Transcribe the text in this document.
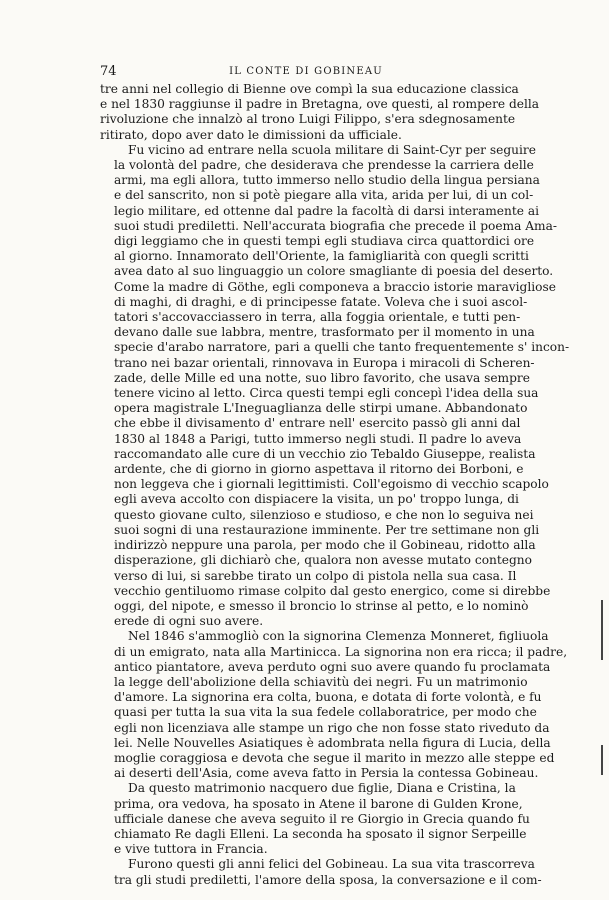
74	IL CONTE DI GOBINEAU

tre anni nel collegio di Bienne ove compì la sua educazione classica
e nel 1830 raggiunse il padre in Bretagna, ove questi, al rompere della
rivoluzione che innalzò al trono Luigi Filippo, s'era sdegnosamente
ritirato, dopo aver dato le dimissioni da ufficiale.

Fu vicino ad entrare nella scuola militare di Saint-Cyr per seguire
la volontà del padre, che desiderava che prendesse la carriera delle
armi, ma egli allora, tutto immerso nello studio della lingua persiana
e del sanscrito, non si potè piegare alla vita, arida per lui, di un col-
legio militare, ed ottenne dal padre la facoltà di darsi interamente ai
suoi studi prediletti. Nell'accurata biografia che precede il poema Ama-
digi leggiamo che in questi tempi egli studiava circa quattordici ore
al giorno. Innamorato dell'Oriente, la famigliarità con quegli scritti
avea dato al suo linguaggio un colore smagliante di poesia del deserto.
Come la madre di Göthe, egli componeva a braccio istorie maravigliose
di maghi, di draghi, e di principesse fatate. Voleva che i suoi ascol-
tatori s'accovacciassero in terra, alla foggia orientale, e tutti pen-
devano dalle sue labbra, mentre, trasformato per il momento in una
specie d'arabo narratore, pari a quelli che tanto frequentemente s' incon-
trano nei bazar orientali, rinnovava in Europa i miracoli di Scheren-
zade, delle Mille ed una notte, suo libro favorito, che usava sempre
tenere vicino al letto. Circa questi tempi egli concepì l'idea della sua
opera magistrale L'Ineguaglianza delle stirpi umane. Abbandonato
che ebbe il divisamento d' entrare nell' esercito passò gli anni dal
1830 al 1848 a Parigi, tutto immerso negli studi. Il padre lo aveva
raccomandato alle cure di un vecchio zio Tebaldo Giuseppe, realista
ardente, che di giorno in giorno aspettava il ritorno dei Borboni, e
non leggeva che i giornali legittimisti. Coll'egoismo di vecchio scapolo
egli aveva accolto con dispiacere la visita, un po' troppo lunga, di
questo giovane culto, silenzioso e studioso, e che non lo seguiva nei
suoi sogni di una restaurazione imminente. Per tre settimane non gli
indirizzò neppure una parola, per modo che il Gobineau, ridotto alla
disperazione, gli dichiarò che, qualora non avesse mutato contegno
verso di lui, si sarebbe tirato un colpo di pistola nella sua casa. Il
vecchio gentiluomo rimase colpito dal gesto energico, come si direbbe
oggi, del nipote, e smesso il broncio lo strinse al petto, e lo nominò
erede di ogni suo avere.

Nel 1846 s'ammogliò con la signorina Clemenza Monneret, figliuola
di un emigrato, nata alla Martinicca. La signorina non era ricca; il padre,
antico piantatore, aveva perduto ogni suo avere quando fu proclamata
la legge dell'abolizione della schiavitù dei negri. Fu un matrimonio
d'amore. La signorina era colta, buona, e dotata di forte volontà, e fu
quasi per tutta la sua vita la sua fedele collaboratrice, per modo che
egli non licenziava alle stampe un rigo che non fosse stato riveduto da
lei. Nelle Nouvelles Asiatiques è adombrata nella figura di Lucia, della
moglie coraggiosa e devota che segue il marito in mezzo alle steppe ed
ai deserti dell'Asia, come aveva fatto in Persia la contessa Gobineau.

Da questo matrimonio nacquero due figlie, Diana e Cristina, la
prima, ora vedova, ha sposato in Atene il barone di Gulden Krone,
ufficiale danese che aveva seguito il re Giorgio in Grecia quando fu
chiamato Re dagli Elleni. La seconda ha sposato il signor Serpeille
e vive tuttora in Francia.

Furono questi gli anni felici del Gobineau. La sua vita trascorreva
tra gli studi prediletti, l'amore della sposa, la conversazione e il com-
